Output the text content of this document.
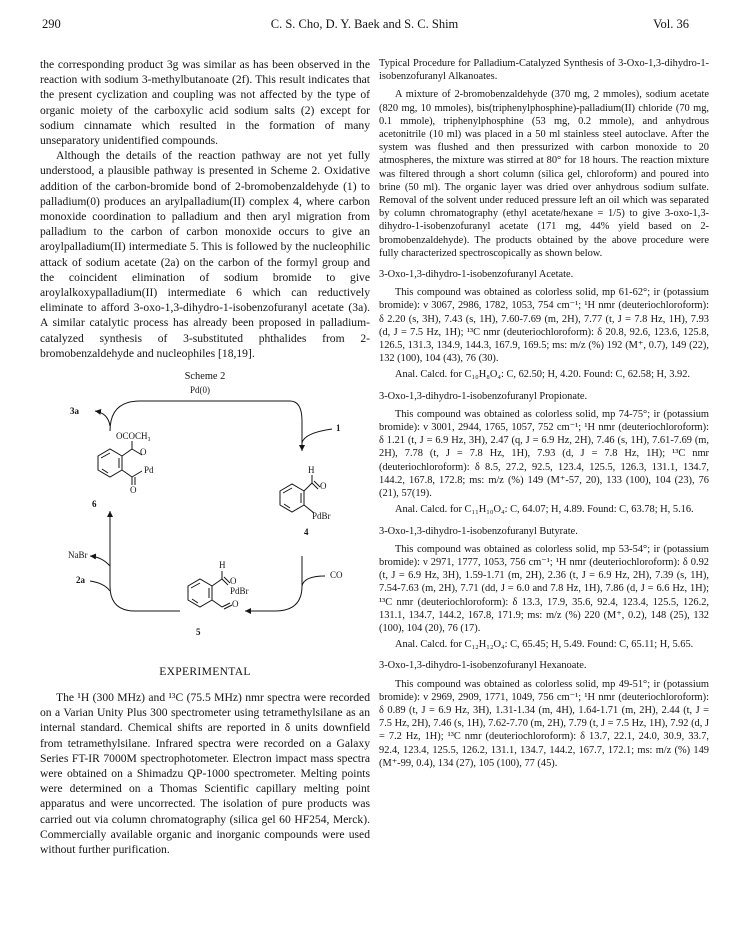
290	C. S. Cho, D. Y. Baek and S. C. Shim	Vol. 36

the corresponding product 3g was similar as has been observed in the reaction with sodium 3-methylbutanoate (2f). This result indicates that the present cyclization and coupling was not affected by the type of organic moiety of the carboxylic acid sodium salts (2) except for sodium cinnamate which resulted in the formation of many unseparatory unidentified compounds.

Although the details of the reaction pathway are not yet fully understood, a plausible pathway is presented in Scheme 2. Oxidative addition of the carbon-bromide bond of 2-bromobenzaldehyde (1) to palladium(0) produces an arylpalladium(II) complex 4, where carbon monoxide coordination to palladium and then aryl migration from palladium to the carbon of carbon monoxide occurs to give an aroylpalladium(II) intermediate 5. This is followed by the nucleophilic attack of sodium acetate (2a) on the carbon of the formyl group and the coincident elimination of sodium bromide to give aroylalkoxypalladium(II) intermediate 6 which can reductively eliminate to afford 3-oxo-1,3-dihydro-1-isobenzofuranyl acetate (3a). A similar catalytic process has already been proposed in palladium-catalyzed synthesis of 3-substituted phthalides from 2-bromobenzaldehyde and nucleophiles [18,19].

Scheme 2
Pd(0)
3a
1
OCOCH₃
O
Pd
O
6
H
O
PdBr
4
CO
NaBr
2a
H
O
O
PdBr
5
EXPERIMENTAL

The ¹H (300 MHz) and ¹³C (75.5 MHz) nmr spectra were recorded on a Varian Unity Plus 300 spectrometer using tetramethylsilane as an internal standard. Chemical shifts are reported in δ units downfield from tetramethylsilane. Infrared spectra were recorded on a Galaxy Series FT-IR 7000M spectrophotometer. Electron impact mass spectra were obtained on a Shimadzu QP-1000 spectrometer. Melting points were determined on a Thomas Scientific capillary melting point apparatus and were uncorrected. The isolation of pure products was carried out via column chromatography (silica gel 60 HF254, Merck). Commercially available organic and inorganic compounds were used without further purification.

Typical Procedure for Palladium-Catalyzed Synthesis of 3-Oxo-1,3-dihydro-1-isobenzofuranyl Alkanoates.

A mixture of 2-bromobenzaldehyde (370 mg, 2 mmoles), sodium acetate (820 mg, 10 mmoles), bis(triphenylphosphine)-palladium(II) chloride (70 mg, 0.1 mmole), triphenylphosphine (53 mg, 0.2 mmole), and anhydrous acetonitrile (10 ml) was placed in a 50 ml stainless steel autoclave. After the system was flushed and then pressurized with carbon monoxide to 20 atmospheres, the mixture was stirred at 80° for 18 hours. The reaction mixture was filtered through a short column (silica gel, chloroform) and poured into brine (50 ml). The organic layer was dried over anhydrous sodium sulfate. Removal of the solvent under reduced pressure left an oil which was separated by column chromatography (ethyl acetate/hexane = 1/5) to give 3-oxo-1,3-dihydro-1-isobenzofuranyl acetate (171 mg, 44% yield based on 2-bromobenzaldehyde). The products obtained by the above procedure were fully characterized spectroscopically as shown below.

3-Oxo-1,3-dihydro-1-isobenzofuranyl Acetate.

This compound was obtained as colorless solid, mp 61-62°; ir (potassium bromide): ν 3067, 2986, 1782, 1053, 754 cm⁻¹; ¹H nmr (deuteriochloroform): δ 2.20 (s, 3H), 7.43 (s, 1H), 7.60-7.69 (m, 2H), 7.77 (t, J = 7.8 Hz, 1H), 7.93 (d, J = 7.5 Hz, 1H); ¹³C nmr (deuteriochloroform): δ 20.8, 92.6, 123.6, 125.8, 126.5, 131.3, 134.9, 144.3, 167.9, 169.5; ms: m/z (%) 192 (M⁺, 0.7), 149 (22), 132 (100), 104 (43), 76 (30).

Anal. Calcd. for C₁₀H₈O₄: C, 62.50; H, 4.20. Found: C, 62.58; H, 3.92.

3-Oxo-1,3-dihydro-1-isobenzofuranyl Propionate.

This compound was obtained as colorless solid, mp 74-75°; ir (potassium bromide): ν 3001, 2944, 1765, 1057, 752 cm⁻¹; ¹H nmr (deuteriochloroform): δ 1.21 (t, J = 6.9 Hz, 3H), 2.47 (q, J = 6.9 Hz, 2H), 7.46 (s, 1H), 7.61-7.69 (m, 2H), 7.78 (t, J = 7.8 Hz, 1H), 7.93 (d, J = 7.8 Hz, 1H); ¹³C nmr (deuteriochloroform): δ 8.5, 27.2, 92.5, 123.4, 125.5, 126.3, 131.1, 134.7, 144.2, 167.8, 172.8; ms: m/z (%) 149 (M⁺-57, 20), 133 (100), 104 (23), 76 (21), 57(19).

Anal. Calcd. for C₁₁H₁₀O₄: C, 64.07; H, 4.89. Found: C, 63.78; H, 5.16.

3-Oxo-1,3-dihydro-1-isobenzofuranyl Butyrate.

This compound was obtained as colorless solid, mp 53-54°; ir (potassium bromide): ν 2971, 1777, 1053, 756 cm⁻¹; ¹H nmr (deuteriochloroform): δ 0.92 (t, J = 6.9 Hz, 3H), 1.59-1.71 (m, 2H), 2.36 (t, J = 6.9 Hz, 2H), 7.39 (s, 1H), 7.54-7.63 (m, 2H), 7.71 (dd, J = 6.0 and 7.8 Hz, 1H), 7.86 (d, J = 6.6 Hz, 1H); ¹³C nmr (deuteriochloroform): δ 13.3, 17.9, 35.6, 92.4, 123.4, 125.5, 126.2, 131.1, 134.7, 144.2, 167.8, 171.9; ms: m/z (%) 220 (M⁺, 0.2), 148 (25), 132 (100), 104 (20), 76 (17).

Anal. Calcd. for C₁₂H₁₂O₄: C, 65.45; H, 5.49. Found: C, 65.11; H, 5.65.

3-Oxo-1,3-dihydro-1-isobenzofuranyl Hexanoate.

This compound was obtained as colorless solid, mp 49-51°; ir (potassium bromide): ν 2969, 2909, 1771, 1049, 756 cm⁻¹; ¹H nmr (deuteriochloroform): δ 0.89 (t, J = 6.9 Hz, 3H), 1.31-1.34 (m, 4H), 1.64-1.71 (m, 2H), 2.44 (t, J = 7.5 Hz, 2H), 7.46 (s, 1H), 7.62-7.70 (m, 2H), 7.79 (t, J = 7.5 Hz, 1H), 7.92 (d, J = 7.2 Hz, 1H); ¹³C nmr (deuteriochloroform): δ 13.7, 22.1, 24.0, 30.9, 33.7, 92.4, 123.4, 125.5, 126.2, 131.1, 134.7, 144.2, 167.7, 172.1; ms: m/z (%) 149 (M⁺-99, 0.4), 134 (27), 105 (100), 77 (45).
